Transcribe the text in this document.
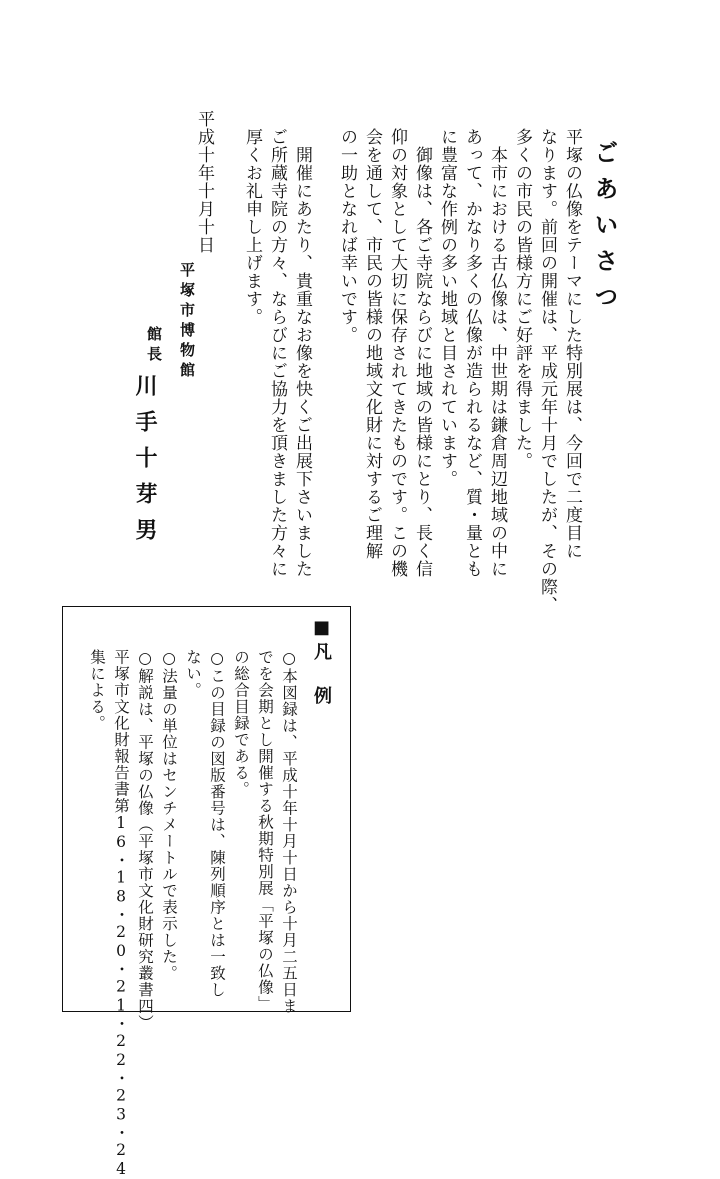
ごあいさつ
平塚の仏像をテーマにした特別展は、今回で二度目に
なります。前回の開催は、平成元年十月でしたが、その際、
多くの市民の皆様方にご好評を得ました。
　本市における古仏像は、中世期は鎌倉周辺地域の中に
あって、かなり多くの仏像が造られるなど、質・量とも
に豊富な作例の多い地域と目されています。
　御像は、各ご寺院ならびに地域の皆様にとり、長く信
仰の対象として大切に保存されてきたものです。この機
会を通して、市民の皆様の地域文化財に対するご理解
の一助となれば幸いです。
　開催にあたり、貴重なお像を快くご出展下さいました
ご所蔵寺院の方々、ならびにご協力を頂きました方々に
厚くお礼申し上げます。
平成十年十月十日
平塚市博物館
館長
川手十芽男
■凡　例
○本図録は、平成十年十月十日から十月二五日ま
でを会期とし開催する秋期特別展「平塚の仏像」
の総合目録である。
○この目録の図版番号は、陳列順序とは一致し
ない。
○法量の単位はセンチメートルで表示した。
○解説は、平塚の仏像（平塚市文化財研究叢書四）
平塚市文化財報告書第16・18・20・21・22・23・24
集による。
